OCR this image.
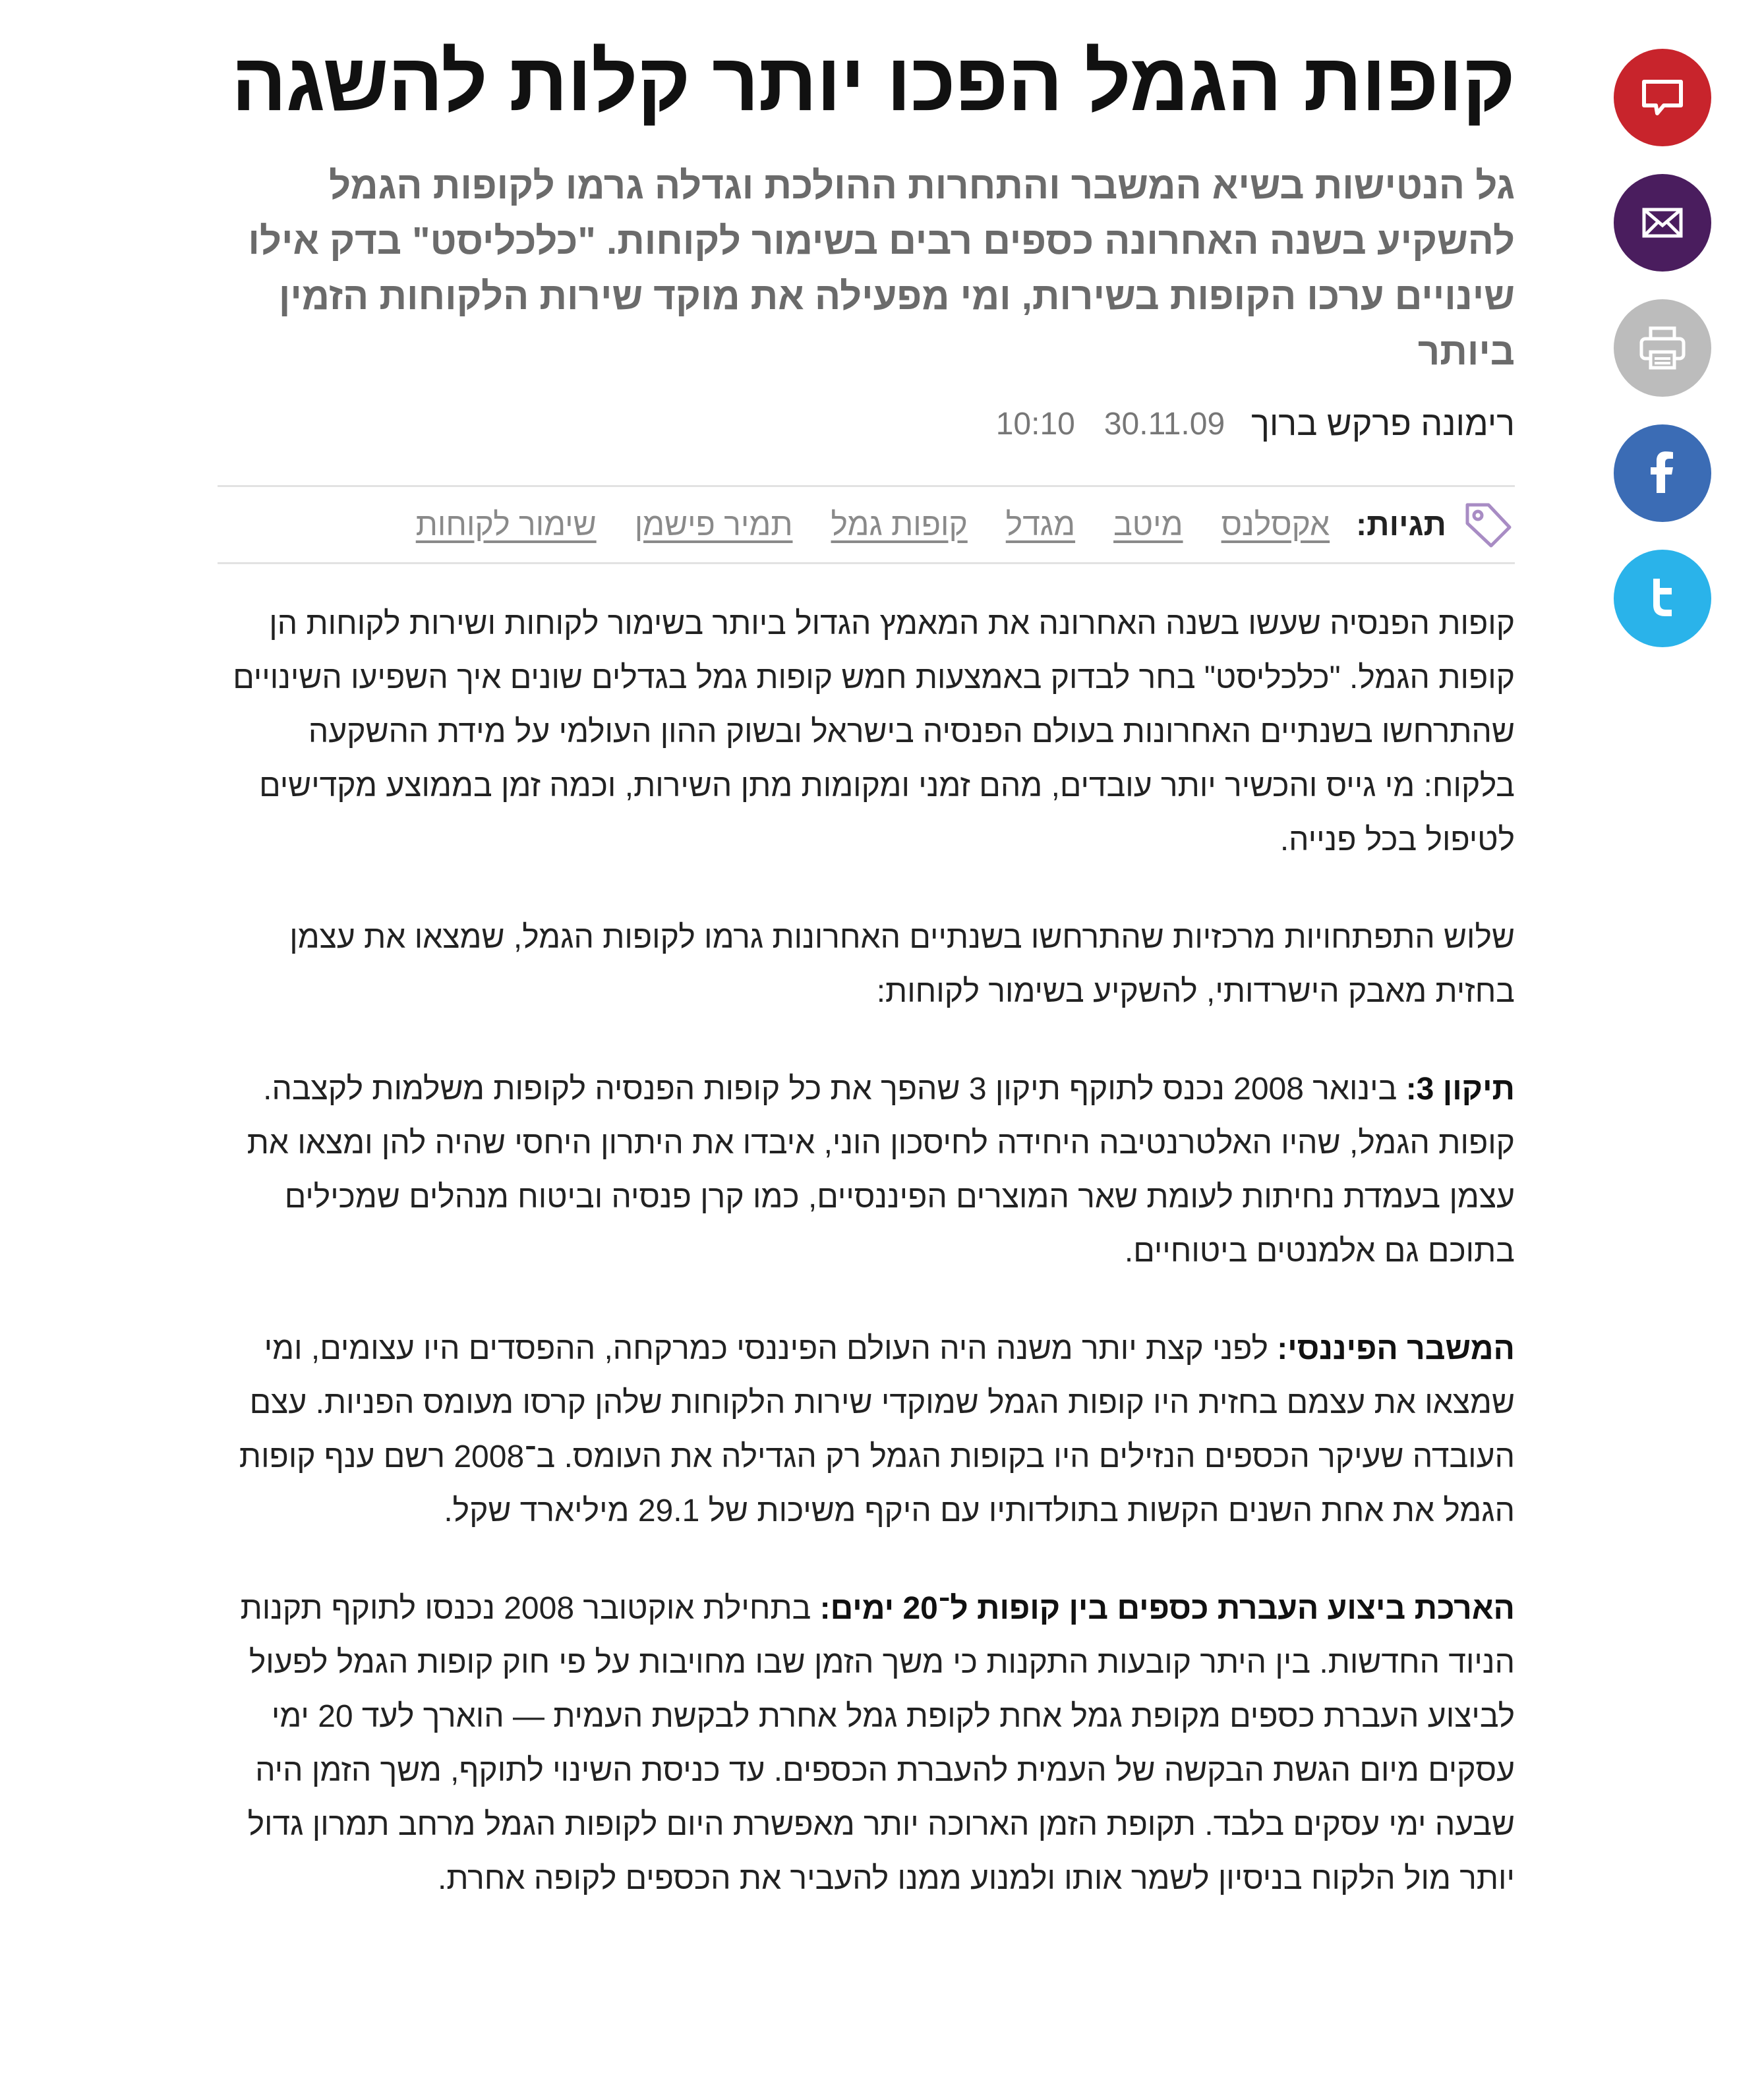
קופות הגמל הפכו יותר קלות להשגה
גל הנטישות בשיא המשבר והתחרות ההולכת וגדלה גרמו לקופות הגמל להשקיע בשנה האחרונה כספים רבים בשימור לקוחות. "כלכליסט" בדק אילו שינויים ערכו הקופות בשירות, ומי מפעילה את מוקד שירות הלקוחות הזמין ביותר
רימונה פרקש ברוך
30.11.09
10:10
תגיות:
אקסלנס
מיטב
מגדל
קופות גמל
תמיר פישמן
שימור לקוחות

קופות הפנסיה שעשו בשנה האחרונה את המאמץ הגדול ביותר בשימור לקוחות ושירות לקוחות הן קופות הגמל. "כלכליסט" בחר לבדוק באמצעות חמש קופות גמל בגדלים שונים איך השפיעו השינויים שהתרחשו בשנתיים האחרונות בעולם הפנסיה בישראל ובשוק ההון העולמי על מידת ההשקעה בלקוח: מי גייס והכשיר יותר עובדים, מהם זמני ומקומות מתן השירות, וכמה זמן בממוצע מקדישים לטיפול בכל פנייה.

שלוש התפתחויות מרכזיות שהתרחשו בשנתיים האחרונות גרמו לקופות הגמל, שמצאו את עצמן בחזית מאבק הישרדותי, להשקיע בשימור לקוחות:

תיקון 3: בינואר 2008 נכנס לתוקף תיקון 3 שהפך את כל קופות הפנסיה לקופות משלמות לקצבה. קופות הגמל, שהיו האלטרנטיבה היחידה לחיסכון הוני, איבדו את היתרון היחסי שהיה להן ומצאו את עצמן בעמדת נחיתות לעומת שאר המוצרים הפיננסיים, כמו קרן פנסיה וביטוח מנהלים שמכילים בתוכם גם אלמנטים ביטוחיים.

המשבר הפיננסי: לפני קצת יותר משנה היה העולם הפיננסי כמרקחה, ההפסדים היו עצומים, ומי שמצאו את עצמם בחזית היו קופות הגמל שמוקדי שירות הלקוחות שלהן קרסו מעומס הפניות. עצם העובדה שעיקר הכספים הנזילים היו בקופות הגמל רק הגדילה את העומס. ב־2008 רשם ענף קופות הגמל את אחת השנים הקשות בתולדותיו עם היקף משיכות של 29.1 מיליארד שקל.

הארכת ביצוע העברת כספים בין קופות ל־20 ימים: בתחילת אוקטובר 2008 נכנסו לתוקף תקנות הניוד החדשות. בין היתר קובעות התקנות כי משך הזמן שבו מחויבות על פי חוק קופות הגמל לפעול לביצוע העברת כספים מקופת גמל אחת לקופת גמל אחרת לבקשת העמית — הוארך לעד 20 ימי עסקים מיום הגשת הבקשה של העמית להעברת הכספים. עד כניסת השינוי לתוקף, משך הזמן היה שבעה ימי עסקים בלבד. תקופת הזמן הארוכה יותר מאפשרת היום לקופות הגמל מרחב תמרון גדול יותר מול הלקוח בניסיון לשמר אותו ולמנוע ממנו להעביר את הכספים לקופה אחרת.
